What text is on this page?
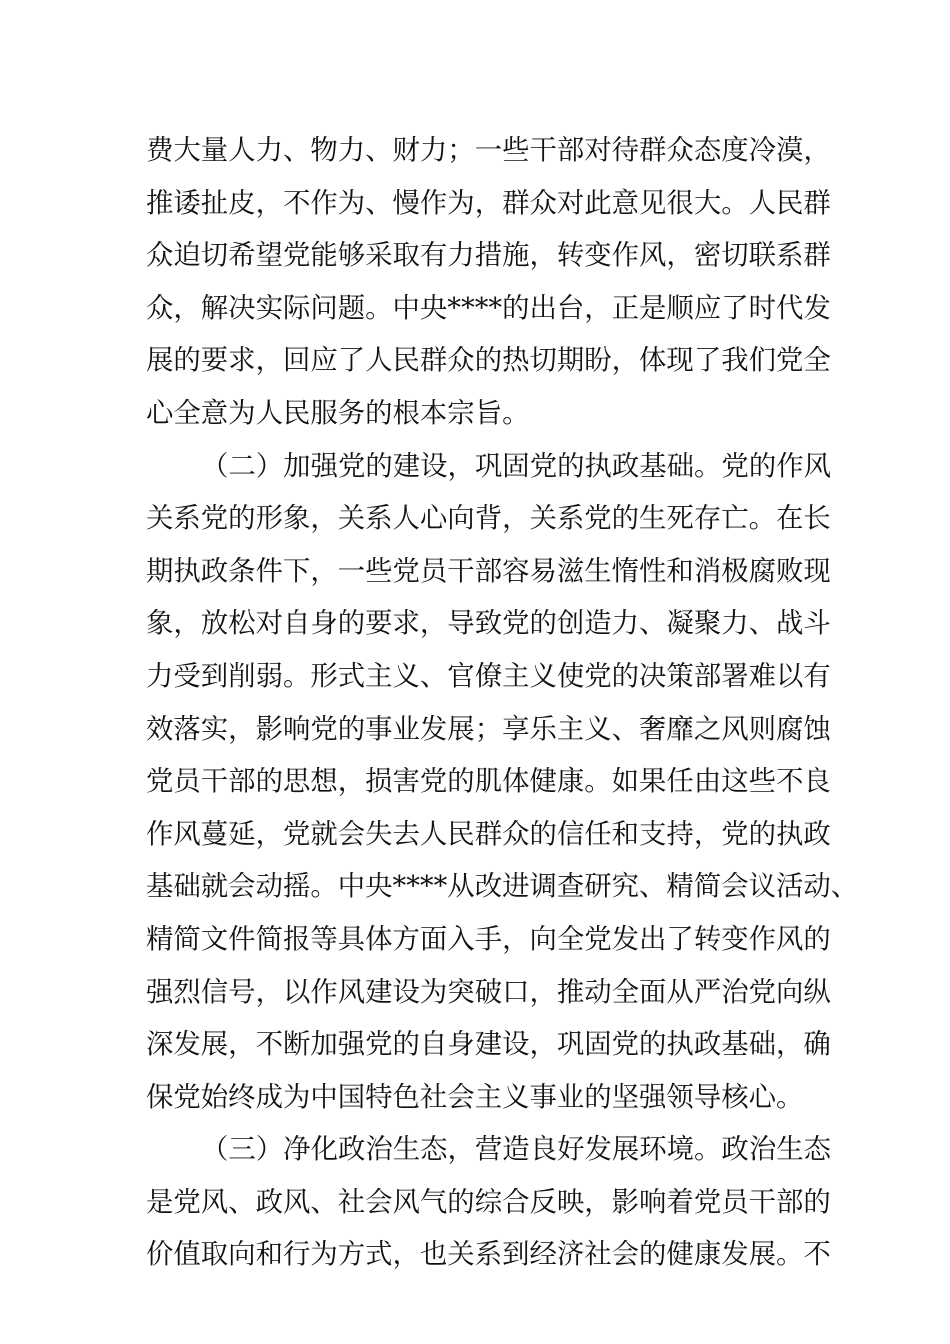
费大量人力、物力、财力；一些干部对待群众态度冷漠，
推诿扯皮，不作为、慢作为，群众对此意见很大。人民群
众迫切希望党能够采取有力措施，转变作风，密切联系群
众，解决实际问题。中央****的出台，正是顺应了时代发
展的要求，回应了人民群众的热切期盼，体现了我们党全
心全意为人民服务的根本宗旨。
（二）加强党的建设，巩固党的执政基础。党的作风
关系党的形象，关系人心向背，关系党的生死存亡。在长
期执政条件下，一些党员干部容易滋生惰性和消极腐败现
象，放松对自身的要求，导致党的创造力、凝聚力、战斗
力受到削弱。形式主义、官僚主义使党的决策部署难以有
效落实，影响党的事业发展；享乐主义、奢靡之风则腐蚀
党员干部的思想，损害党的肌体健康。如果任由这些不良
作风蔓延，党就会失去人民群众的信任和支持，党的执政
基础就会动摇。中央****从改进调查研究、精简会议活动、
精简文件简报等具体方面入手，向全党发出了转变作风的
强烈信号，以作风建设为突破口，推动全面从严治党向纵
深发展，不断加强党的自身建设，巩固党的执政基础，确
保党始终成为中国特色社会主义事业的坚强领导核心。
（三）净化政治生态，营造良好发展环境。政治生态
是党风、政风、社会风气的综合反映，影响着党员干部的
价值取向和行为方式，也关系到经济社会的健康发展。不
